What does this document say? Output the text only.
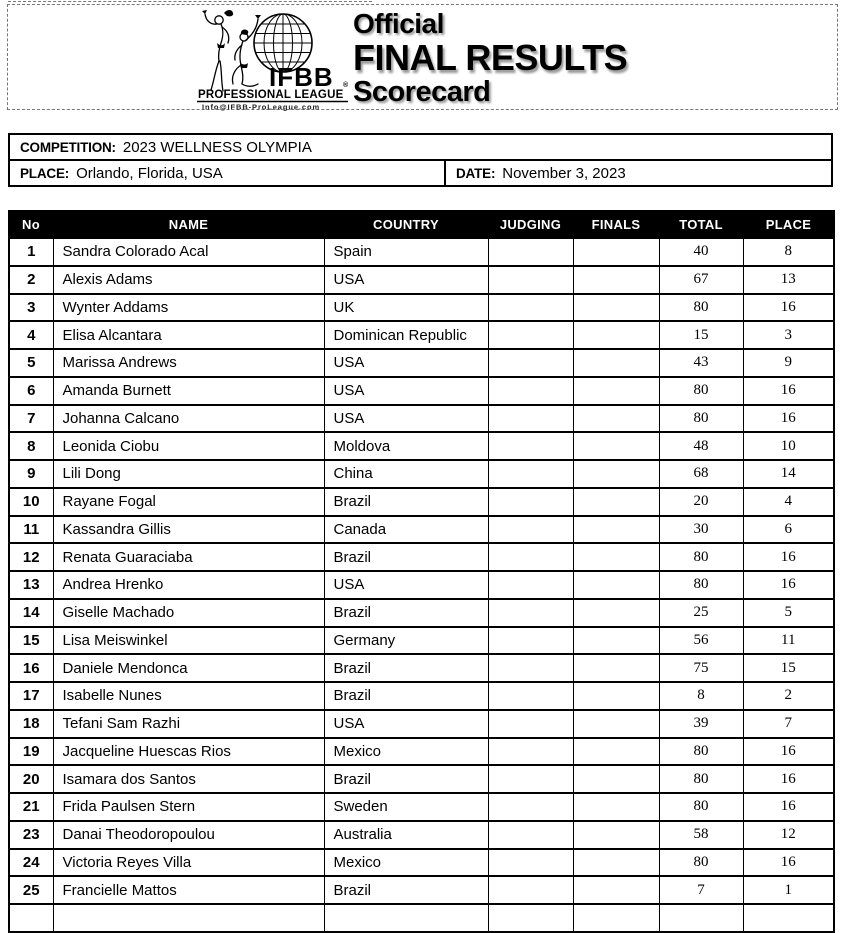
IFBB ®
PROFESSIONAL LEAGUE
Info@IFBB-ProLeague.com
Official
FINAL RESULTS
Scorecard
COMPETITION: 2023 WELLNESS OLYMPIA
PLACE: Orlando, Florida, USA	DATE: November 3, 2023
No	NAME	COUNTRY	JUDGING	FINALS	TOTAL	PLACE
1	Sandra Colorado Acal	Spain			40	8
2	Alexis Adams	USA			67	13
3	Wynter Addams	UK			80	16
4	Elisa Alcantara	Dominican Republic			15	3
5	Marissa Andrews	USA			43	9
6	Amanda Burnett	USA			80	16
7	Johanna Calcano	USA			80	16
8	Leonida Ciobu	Moldova			48	10
9	Lili Dong	China			68	14
10	Rayane Fogal	Brazil			20	4
11	Kassandra Gillis	Canada			30	6
12	Renata Guaraciaba	Brazil			80	16
13	Andrea Hrenko	USA			80	16
14	Giselle Machado	Brazil			25	5
15	Lisa Meiswinkel	Germany			56	11
16	Daniele Mendonca	Brazil			75	15
17	Isabelle Nunes	Brazil			8	2
18	Tefani Sam Razhi	USA			39	7
19	Jacqueline Huescas Rios	Mexico			80	16
20	Isamara dos Santos	Brazil			80	16
21	Frida Paulsen Stern	Sweden			80	16
23	Danai Theodoropoulou	Australia			58	12
24	Victoria Reyes Villa	Mexico			80	16
25	Francielle Mattos	Brazil			7	1
